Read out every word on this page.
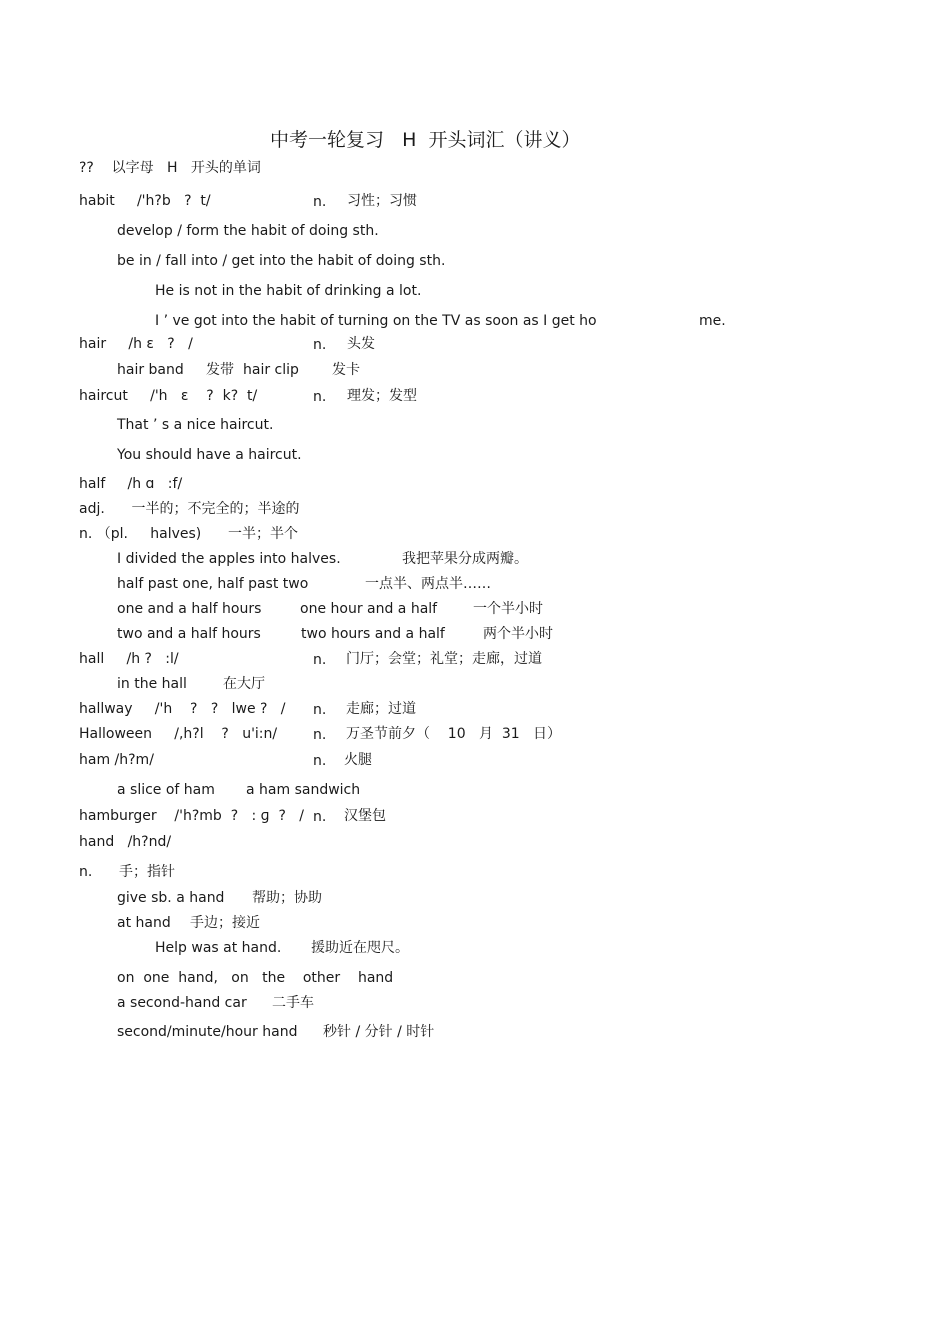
中考一轮复习   H  开头词汇（讲义）
??    以字母   H   开头的单词
habit     /'h?b   ?  t/	n. 习性；习惯
develop / form the habit of doing sth.
be in / fall into / get into the habit of doing sth.
He is not in the habit of drinking a lot.
I ’ ve got into the habit of turning on the TV as soon as I get ho	me.
hair     /h ε   ?   /	n. 头发
hair band 发带 hair clip 发卡
haircut     /'h   ε    ?  k?  t/	n. 理发；发型
That ’ s a nice haircut.
You should have a haircut.
half     /h ɑ   :f/
adj.      一半的；不完全的；半途的
n. （pl.     halves)      一半；半个
I divided the apples into halves.	我把苹果分成两瓣。
half past one, half past two	一点半、两点半……
one and a half hours	one hour and a half	一个半小时
two and a half hours	two hours and a half	两个半小时
hall     /h ?   :l/	n. 门厅；会堂；礼堂；走廊，过道
in the hall	在大厅
hallway     /'h    ?   ?   lwe ?   / n. 走廊；过道
Halloween     /,h?l    ?   u'i:n/	n. 万圣节前夕（    10   月  31   日）
ham /h?m/	n. 火腿
a slice of ham a ham sandwich
hamburger    /'h?mb  ?   : ɡ  ?   / n. 汉堡包
hand   /h?nd/
n.      手；指针
give sb. a hand 帮助；协助
at hand 手边；接近
Help was at hand. 援助近在咫尺。
on  one  hand,   on   the    other    hand
a second-hand car 二手车
second/minute/hour hand 秒针 / 分针 / 时针
